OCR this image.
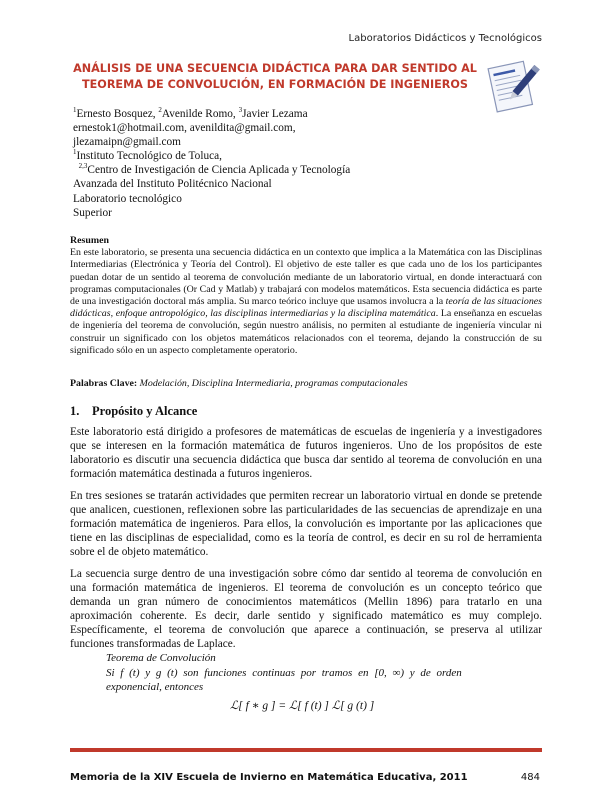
Laboratorios Didácticos y Tecnológicos
ANÁLISIS DE UNA SECUENCIA DIDÁCTICA PARA DAR SENTIDO AL
TEOREMA DE CONVOLUCIÓN, EN FORMACIÓN DE INGENIEROS
$^1$Ernesto Bosquez, $^2$Avenilde Romo, $^3$Javier Lezama
ernestok1@hotmail.com, avenildita@gmail.com,
jlezamaipn@gmail.com
$^1$Instituto Tecnológico de Toluca,
$^{2,3}$Centro de Investigación de Ciencia Aplicada y Tecnología
Avanzada del Instituto Politécnico Nacional
Laboratorio tecnológico
Superior
Resumen
En este laboratorio, se presenta una secuencia didáctica en un contexto que implica a la Matemática con las Disciplinas Intermediarias (Electrónica y Teoría del Control). El objetivo de este taller es que cada uno de los los participantes puedan dotar de un sentido al teorema de convolución mediante de un laboratorio virtual, en donde interactuará con programas computacionales (Or Cad y Matlab) y trabajará con modelos matemáticos. Esta secuencia didáctica es parte de una investigación doctoral más amplia. Su marco teórico incluye que usamos involucra a la teoría de las situaciones didácticas, enfoque antropológico, las disciplinas intermediarias y la disciplina matemática. La enseñanza en escuelas de ingeniería del teorema de convolución, según nuestro análisis, no permiten al estudiante de ingeniería vincular ni construir un significado con los objetos matemáticos relacionados con el teorema, dejando la construcción de su significado sólo en un aspecto completamente operatorio.
Palabras Clave: Modelación, Disciplina Intermediaria, programas computacionales
1. Propósito y Alcance
Este laboratorio está dirigido a profesores de matemáticas de escuelas de ingeniería y a investigadores que se interesen en la formación matemática de futuros ingenieros. Uno de los propósitos de este laboratorio es discutir una secuencia didáctica que busca dar sentido al teorema de convolución en una formación matemática destinada a futuros ingenieros.
En tres sesiones se tratarán actividades que permiten recrear un laboratorio virtual en donde se pretende que analicen, cuestionen, reflexionen sobre las particularidades de las secuencias de aprendizaje en una formación matemática de ingenieros. Para ellos, la convolución es importante por las aplicaciones que tiene en las disciplinas de especialidad, como es la teoría de control, es decir en su rol de herramienta sobre el de objeto matemático.
La secuencia surge dentro de una investigación sobre cómo dar sentido al teorema de convolución en una formación matemática de ingenieros. El teorema de convolución es un concepto teórico que demanda un gran número de conocimientos matemáticos (Mellin 1896) para tratarlo en una aproximación coherente. Es decir, darle sentido y significado matemático es muy complejo. Específicamente, el teorema de convolución que aparece a continuación, se preserva al utilizar funciones transformadas de Laplace.
Teorema de Convolución
Si f (t) y g (t) son funciones continuas por tramos en [0, ∞) y de orden
exponencial, entonces
ℒ[ f ∗ g ] = ℒ[ f (t) ] ℒ[ g (t) ]
Memoria de la XIV Escuela de Invierno en Matemática Educativa, 2011	484
